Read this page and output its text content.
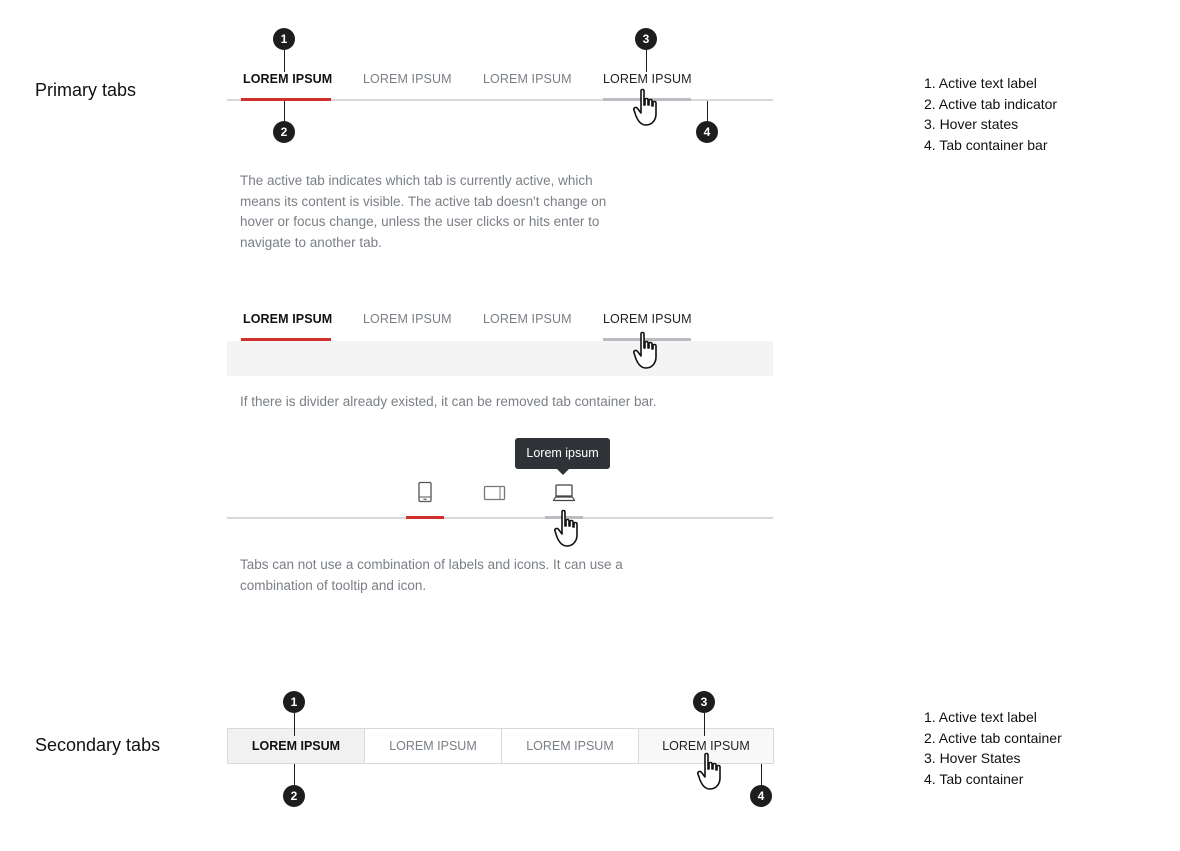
Primary tabs
LOREM IPSUM LOREM IPSUM	LOREM IPSUM	LOREM IPSUM
1
2
3
4
1. Active text label
2. Active tab indicator
3. Hover states
4. Tab container bar
The active tab indicates which tab is currently active, which
means its content is visible. The active tab doesn't change on
hover or focus change, unless the user clicks or hits enter to
navigate to another tab.
LOREM IPSUM LOREM IPSUM	LOREM IPSUM	LOREM IPSUM
If there is divider already existed, it can be removed tab container bar.
Lorem ipsum
Tabs can not use a combination of labels and icons. It can use a
combination of tooltip and icon.
Secondary tabs	LOREM IPSUM	LOREM IPSUM	LOREM IPSUM	LOREM IPSUM
1
2
3
4
1. Active text label
2. Active tab container
3. Hover States
4. Tab container
